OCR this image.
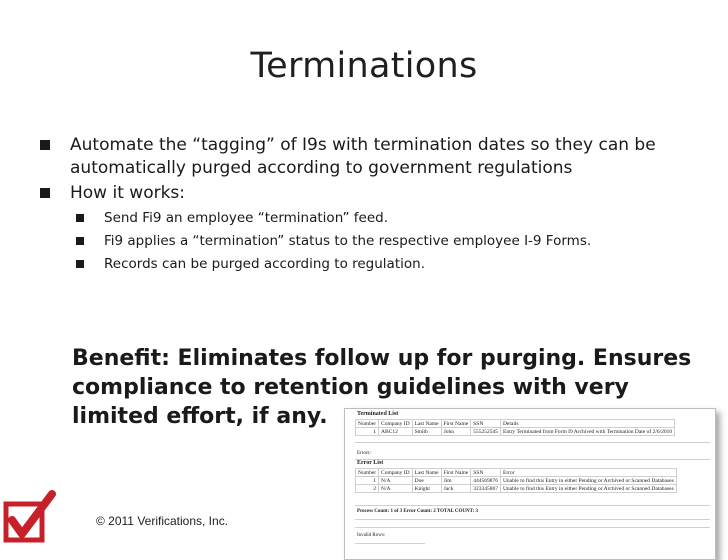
Terminations
Automate the “tagging” of I9s with termination dates so they can be automatically purged according to government regulations
How it works:
Send Fi9 an employee “termination” feed.
Fi9 applies a “termination” status to the respective employee I-9 Forms.
Records can be purged according to regulation.
Benefit: Eliminates follow up for purging. Ensures compliance to retention guidelines with very limited effort, if any.	Terminated List
Number	Company ID	Last Name	First Name	SSN	Details
1	ABC12	Smith	John	555252545	Entry Terminated from Form I9 Archived with Termination Date of 2/6/2010
Errors:
Error List
Number	Company ID	Last Name	First Name	SSN	Error
1	N/A	Doe	Jim	444569876	Unable to find this Entry in either Pending or Archived or Scanned Databases
2	N/A	Knight	Jack	323345867	Unable to find this Entry in either Pending or Archived or Scanned Databases
Process Count: 1 of 3 Error Count: 2 TOTAL COUNT: 3
Invalid Rows:
© 2011 Verifications, Inc.
